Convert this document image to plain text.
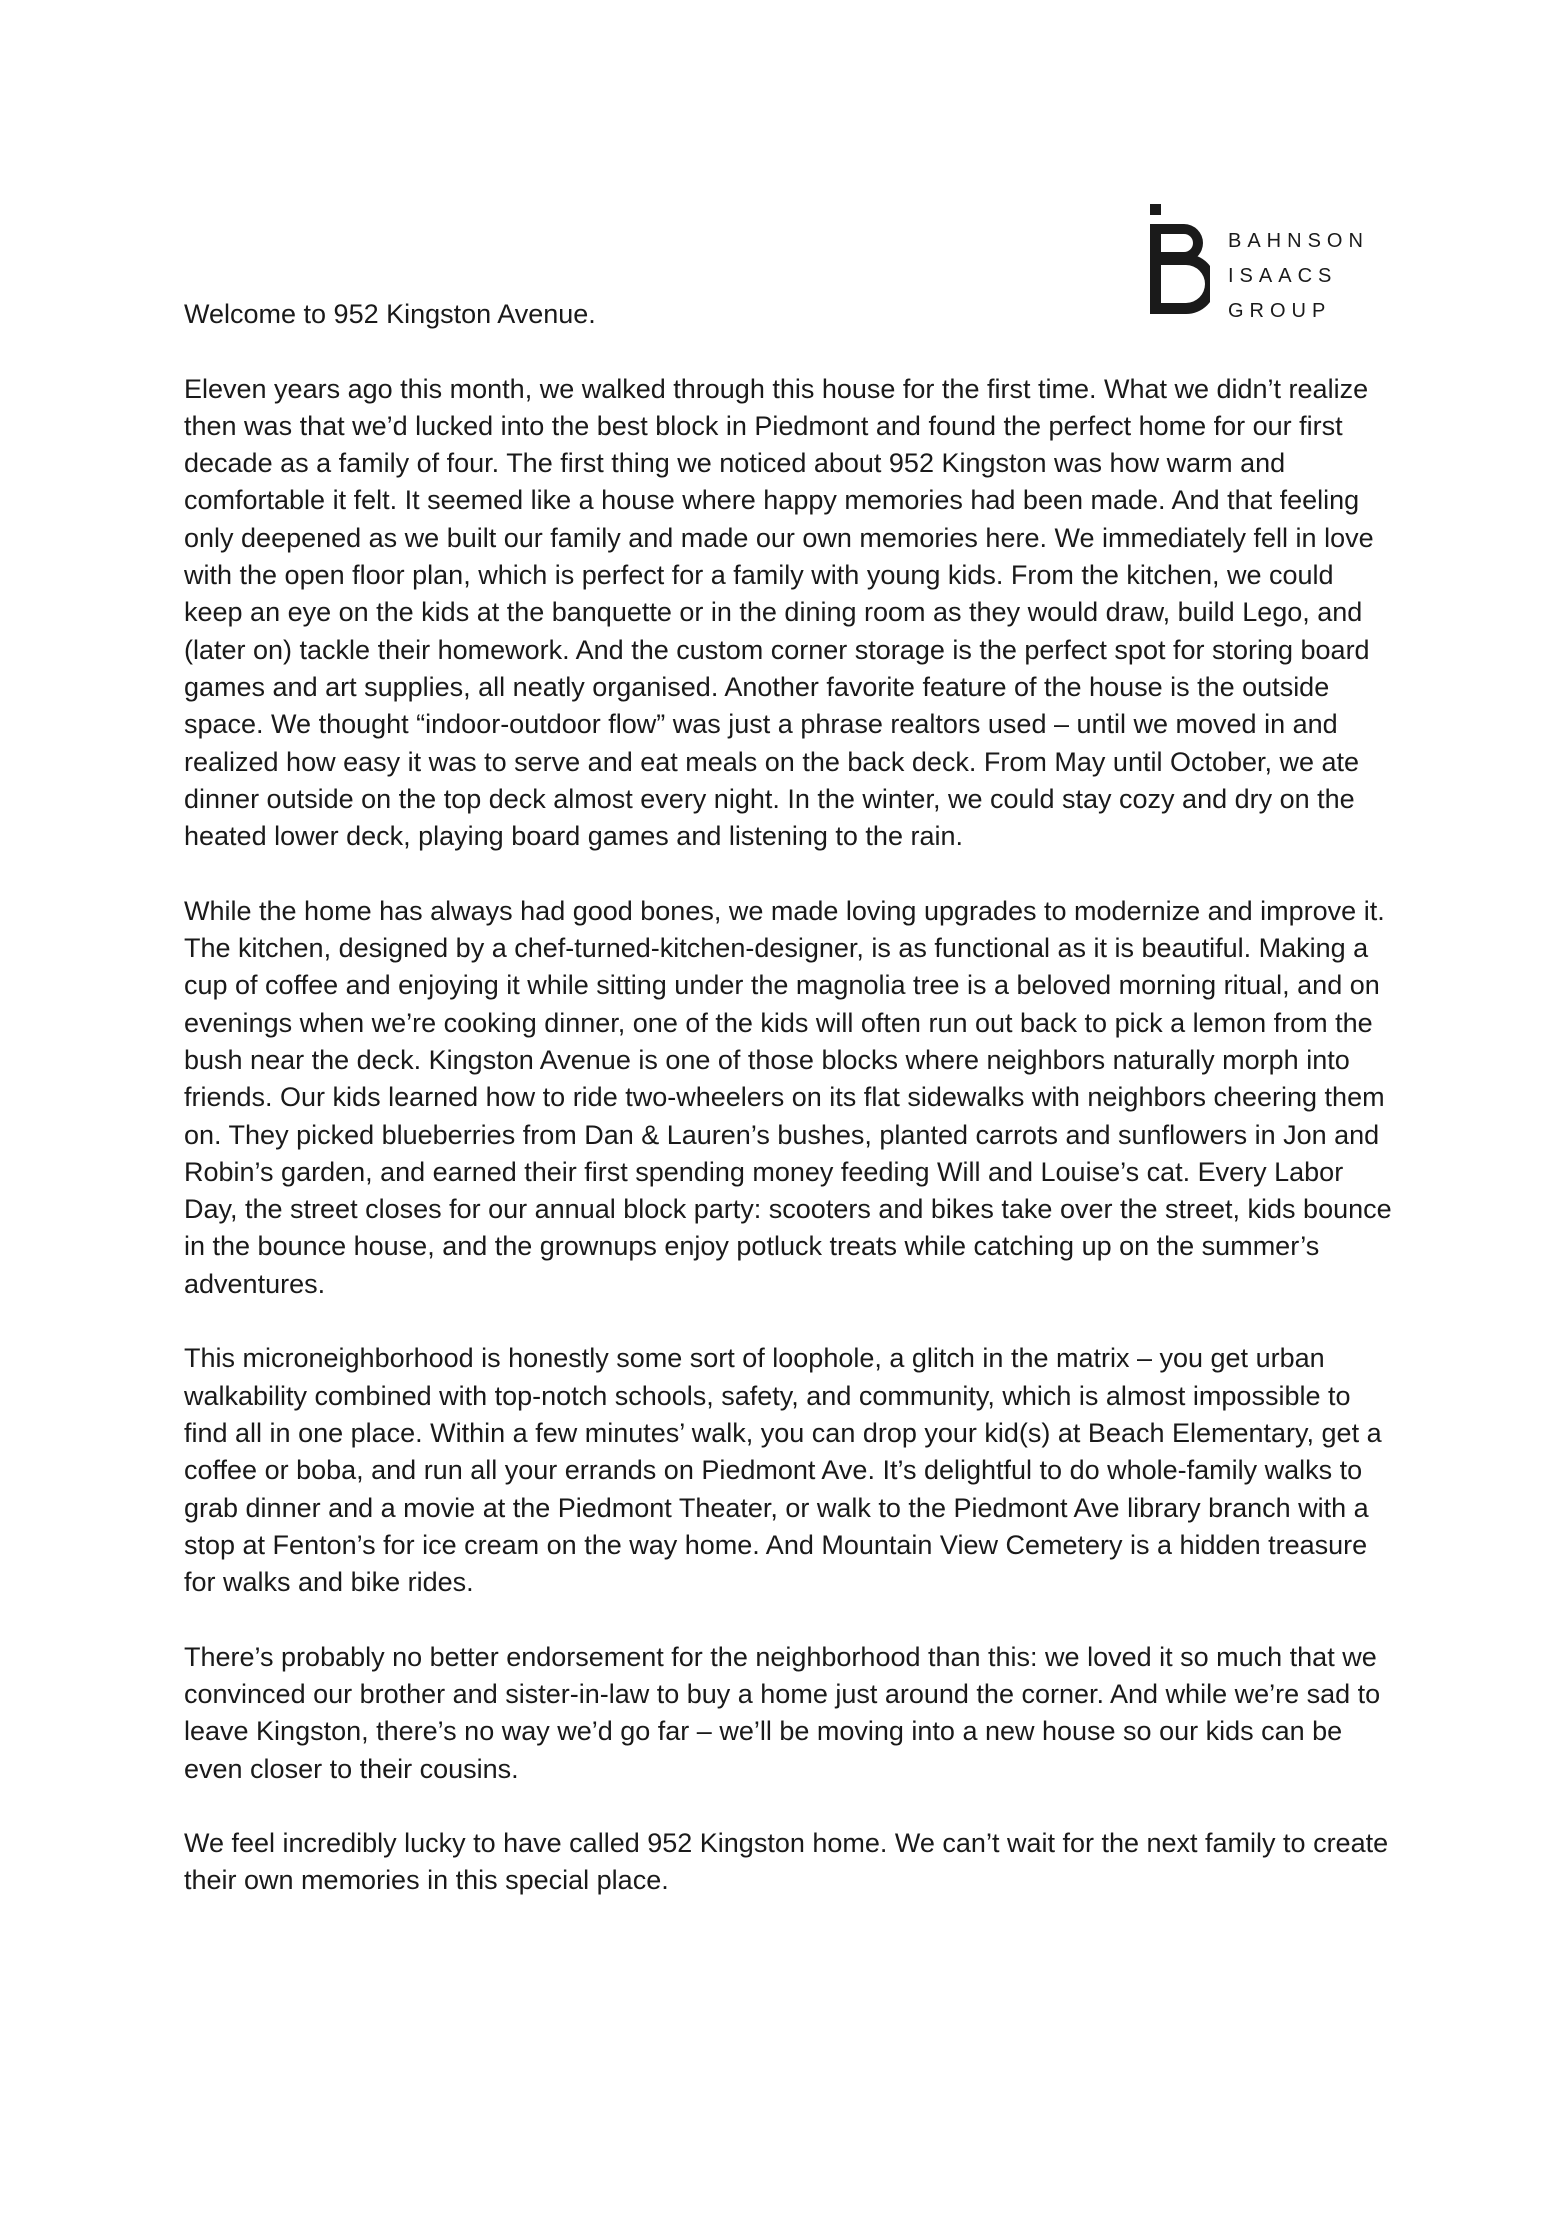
BAHNSON
ISAACS
GROUP

Welcome to 952 Kingston Avenue.

Eleven years ago this month, we walked through this house for the first time. What we didn’t realize then was that we’d lucked into the best block in Piedmont and found the perfect home for our first decade as a family of four. The first thing we noticed about 952 Kingston was how warm and comfortable it felt. It seemed like a house where happy memories had been made. And that feeling only deepened as we built our family and made our own memories here. We immediately fell in love with the open floor plan, which is perfect for a family with young kids. From the kitchen, we could keep an eye on the kids at the banquette or in the dining room as they would draw, build Lego, and (later on) tackle their homework. And the custom corner storage is the perfect spot for storing board games and art supplies, all neatly organised. Another favorite feature of the house is the outside space. We thought “indoor-outdoor flow” was just a phrase realtors used – until we moved in and realized how easy it was to serve and eat meals on the back deck. From May until October, we ate dinner outside on the top deck almost every night. In the winter, we could stay cozy and dry on the heated lower deck, playing board games and listening to the rain.

While the home has always had good bones, we made loving upgrades to modernize and improve it. The kitchen, designed by a chef-turned-kitchen-designer, is as functional as it is beautiful. Making a cup of coffee and enjoying it while sitting under the magnolia tree is a beloved morning ritual, and on evenings when we’re cooking dinner, one of the kids will often run out back to pick a lemon from the bush near the deck. Kingston Avenue is one of those blocks where neighbors naturally morph into friends. Our kids learned how to ride two-wheelers on its flat sidewalks with neighbors cheering them on. They picked blueberries from Dan & Lauren’s bushes, planted carrots and sunflowers in Jon and Robin’s garden, and earned their first spending money feeding Will and Louise’s cat. Every Labor Day, the street closes for our annual block party: scooters and bikes take over the street, kids bounce in the bounce house, and the grownups enjoy potluck treats while catching up on the summer’s adventures.

This microneighborhood is honestly some sort of loophole, a glitch in the matrix – you get urban walkability combined with top-notch schools, safety, and community, which is almost impossible to find all in one place. Within a few minutes’ walk, you can drop your kid(s) at Beach Elementary, get a coffee or boba, and run all your errands on Piedmont Ave. It’s delightful to do whole-family walks to grab dinner and a movie at the Piedmont Theater, or walk to the Piedmont Ave library branch with a stop at Fenton’s for ice cream on the way home. And Mountain View Cemetery is a hidden treasure for walks and bike rides.

There’s probably no better endorsement for the neighborhood than this: we loved it so much that we convinced our brother and sister-in-law to buy a home just around the corner. And while we’re sad to leave Kingston, there’s no way we’d go far – we’ll be moving into a new house so our kids can be even closer to their cousins.

We feel incredibly lucky to have called 952 Kingston home. We can’t wait for the next family to create their own memories in this special place.
